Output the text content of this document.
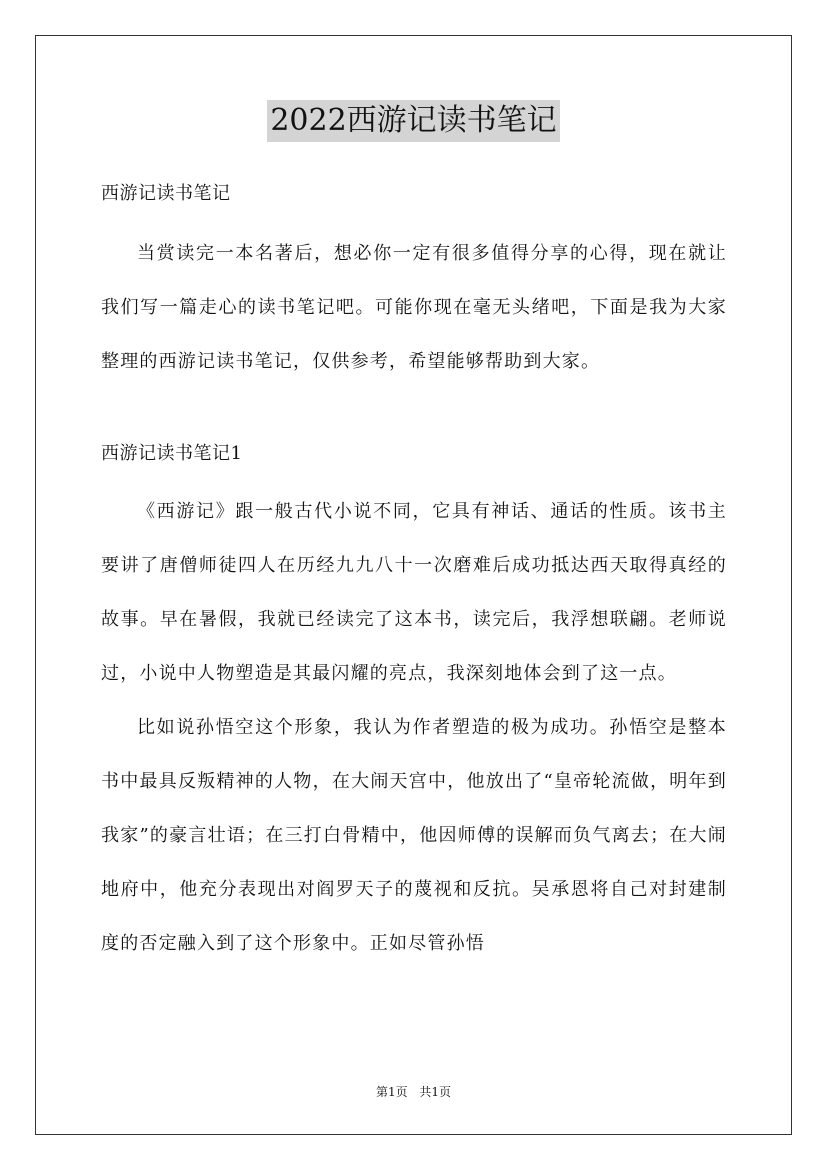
2022西游记读书笔记

西游记读书笔记

当赏读完一本名著后，想必你一定有很多值得分享的心得，现在就让我们写一篇走心的读书笔记吧。可能你现在毫无头绪吧，下面是我为大家整理的西游记读书笔记，仅供参考，希望能够帮助到大家。

西游记读书笔记1

《西游记》跟一般古代小说不同，它具有神话、通话的性质。该书主要讲了唐僧师徒四人在历经九九八十一次磨难后成功抵达西天取得真经的故事。早在暑假，我就已经读完了这本书，读完后，我浮想联翩。老师说过，小说中人物塑造是其最闪耀的亮点，我深刻地体会到了这一点。

比如说孙悟空这个形象，我认为作者塑造的极为成功。孙悟空是整本书中最具反叛精神的人物，在大闹天宫中，他放出了“皇帝轮流做，明年到我家”的豪言壮语；在三打白骨精中，他因师傅的误解而负气离去；在大闹地府中，他充分表现出对阎罗天子的蔑视和反抗。吴承恩将自己对封建制度的否定融入到了这个形象中。正如尽管孙悟

第1页 共1页
